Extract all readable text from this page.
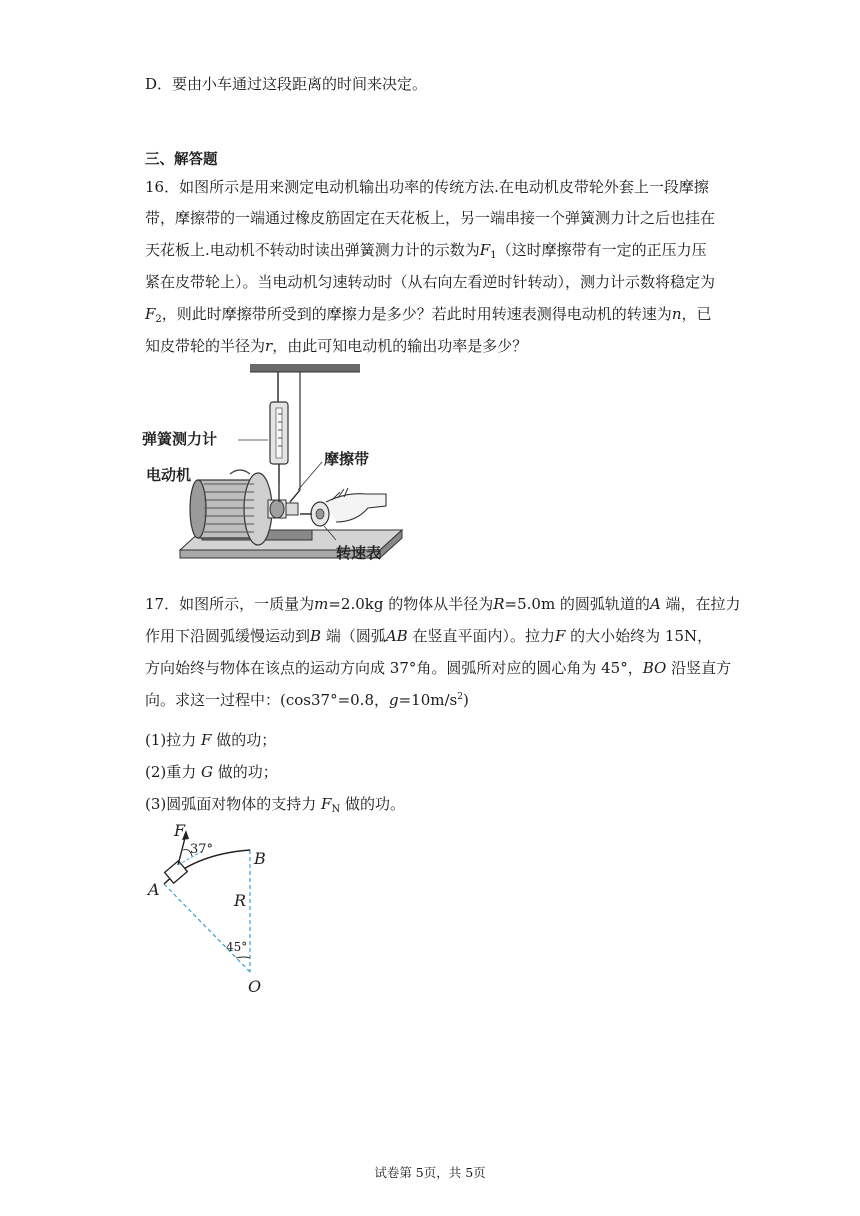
D．要由小车通过这段距离的时间来决定。
三、解答题
16．如图所示是用来测定电动机输出功率的传统方法.在电动机皮带轮外套上一段摩擦
带，摩擦带的一端通过橡皮筋固定在天花板上，另一端串接一个弹簧测力计之后也挂在
天花板上.电动机不转动时读出弹簧测力计的示数为$F_1$（这时摩擦带有一定的正压力压
紧在皮带轮上）。当电动机匀速转动时（从右向左看逆时针转动），测力计示数将稳定为
$F_2$，则此时摩擦带所受到的摩擦力是多少？若此时用转速表测得电动机的转速为n，已
知皮带轮的半径为r，由此可知电动机的输出功率是多少？
弹簧测力计
电动机
摩擦带
转速表
17．如图所示，一质量为m=2.0kg 的物体从半径为R=5.0m 的圆弧轨道的A 端，在拉力
作用下沿圆弧缓慢运动到B 端（圆弧AB 在竖直平面内）。拉力F 的大小始终为 15N，
方向始终与物体在该点的运动方向成 37°角。圆弧所对应的圆心角为 45°，BO 沿竖直方
向。求这一过程中：(cos37°=0.8，$g=10m/s^2$)
(1)拉力 F 做的功；
(2)重力 G 做的功；
(3)圆弧面对物体的支持力 $F_N$ 做的功。
F
37°
A
B
R
45°
O
试卷第 5页，共 5页
